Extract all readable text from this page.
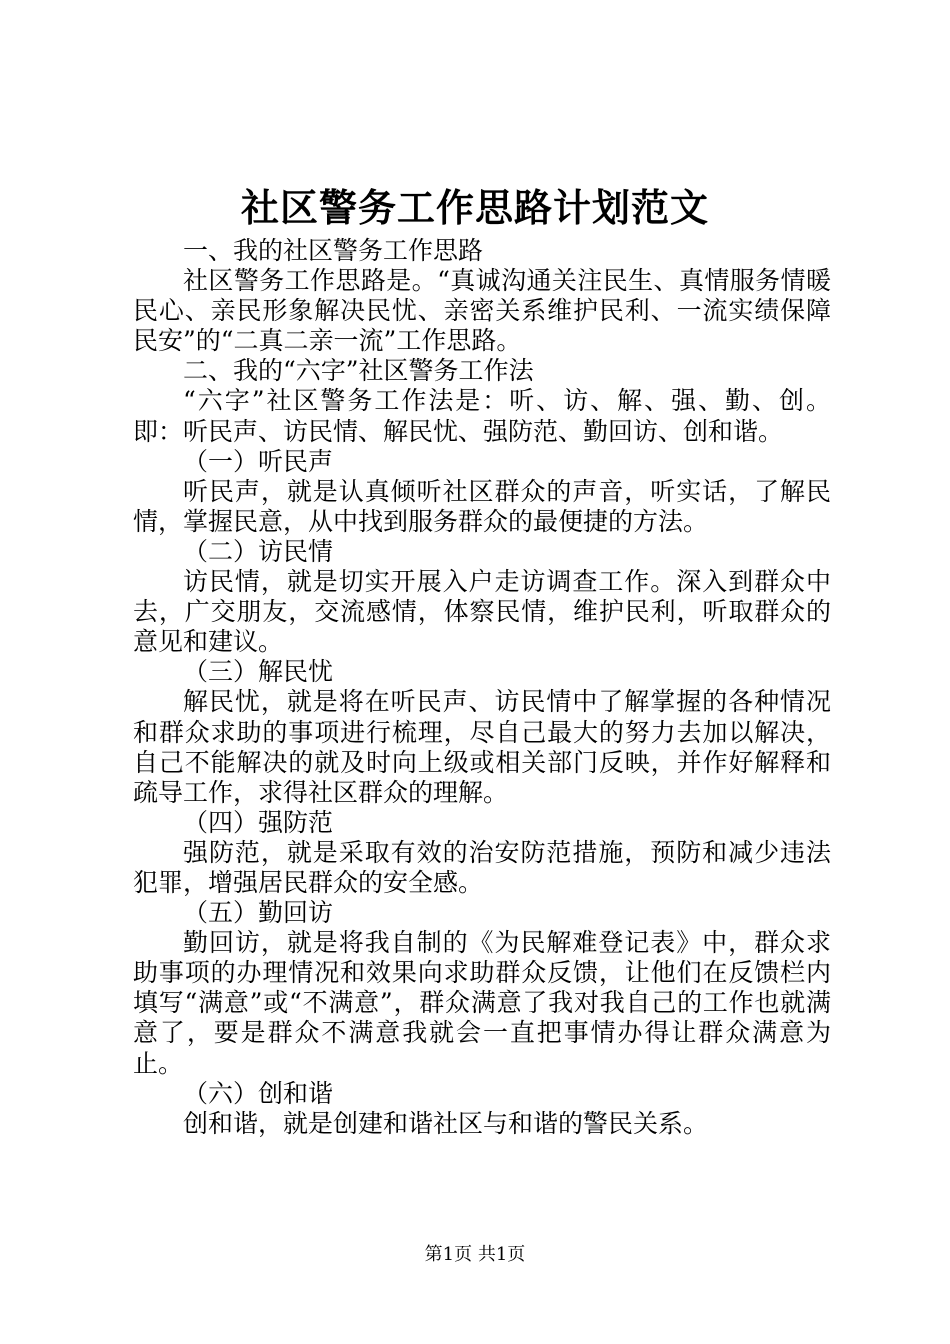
社区警务工作思路计划范文

一、我的社区警务工作思路

社区警务工作思路是。“真诚沟通关注民生、真情服务情暖民心、亲民形象解决民忧、亲密关系维护民利、一流实绩保障民安”的“二真二亲一流”工作思路。

二、我的“六字”社区警务工作法

“六字”社区警务工作法是：听、访、解、强、勤、创。即：听民声、访民情、解民忧、强防范、勤回访、创和谐。

（一）听民声

听民声，就是认真倾听社区群众的声音，听实话，了解民情，掌握民意，从中找到服务群众的最便捷的方法。

（二）访民情

访民情，就是切实开展入户走访调查工作。深入到群众中去，广交朋友，交流感情，体察民情，维护民利，听取群众的意见和建议。

（三）解民忧

解民忧，就是将在听民声、访民情中了解掌握的各种情况和群众求助的事项进行梳理，尽自己最大的努力去加以解决，自己不能解决的就及时向上级或相关部门反映，并作好解释和疏导工作，求得社区群众的理解。

（四）强防范

强防范，就是采取有效的治安防范措施，预防和减少违法犯罪，增强居民群众的安全感。

（五）勤回访

勤回访，就是将我自制的《为民解难登记表》中，群众求助事项的办理情况和效果向求助群众反馈，让他们在反馈栏内填写“满意”或“不满意”，群众满意了我对我自己的工作也就满意了，要是群众不满意我就会一直把事情办得让群众满意为止。

（六）创和谐

创和谐，就是创建和谐社区与和谐的警民关系。

第1页 共1页
